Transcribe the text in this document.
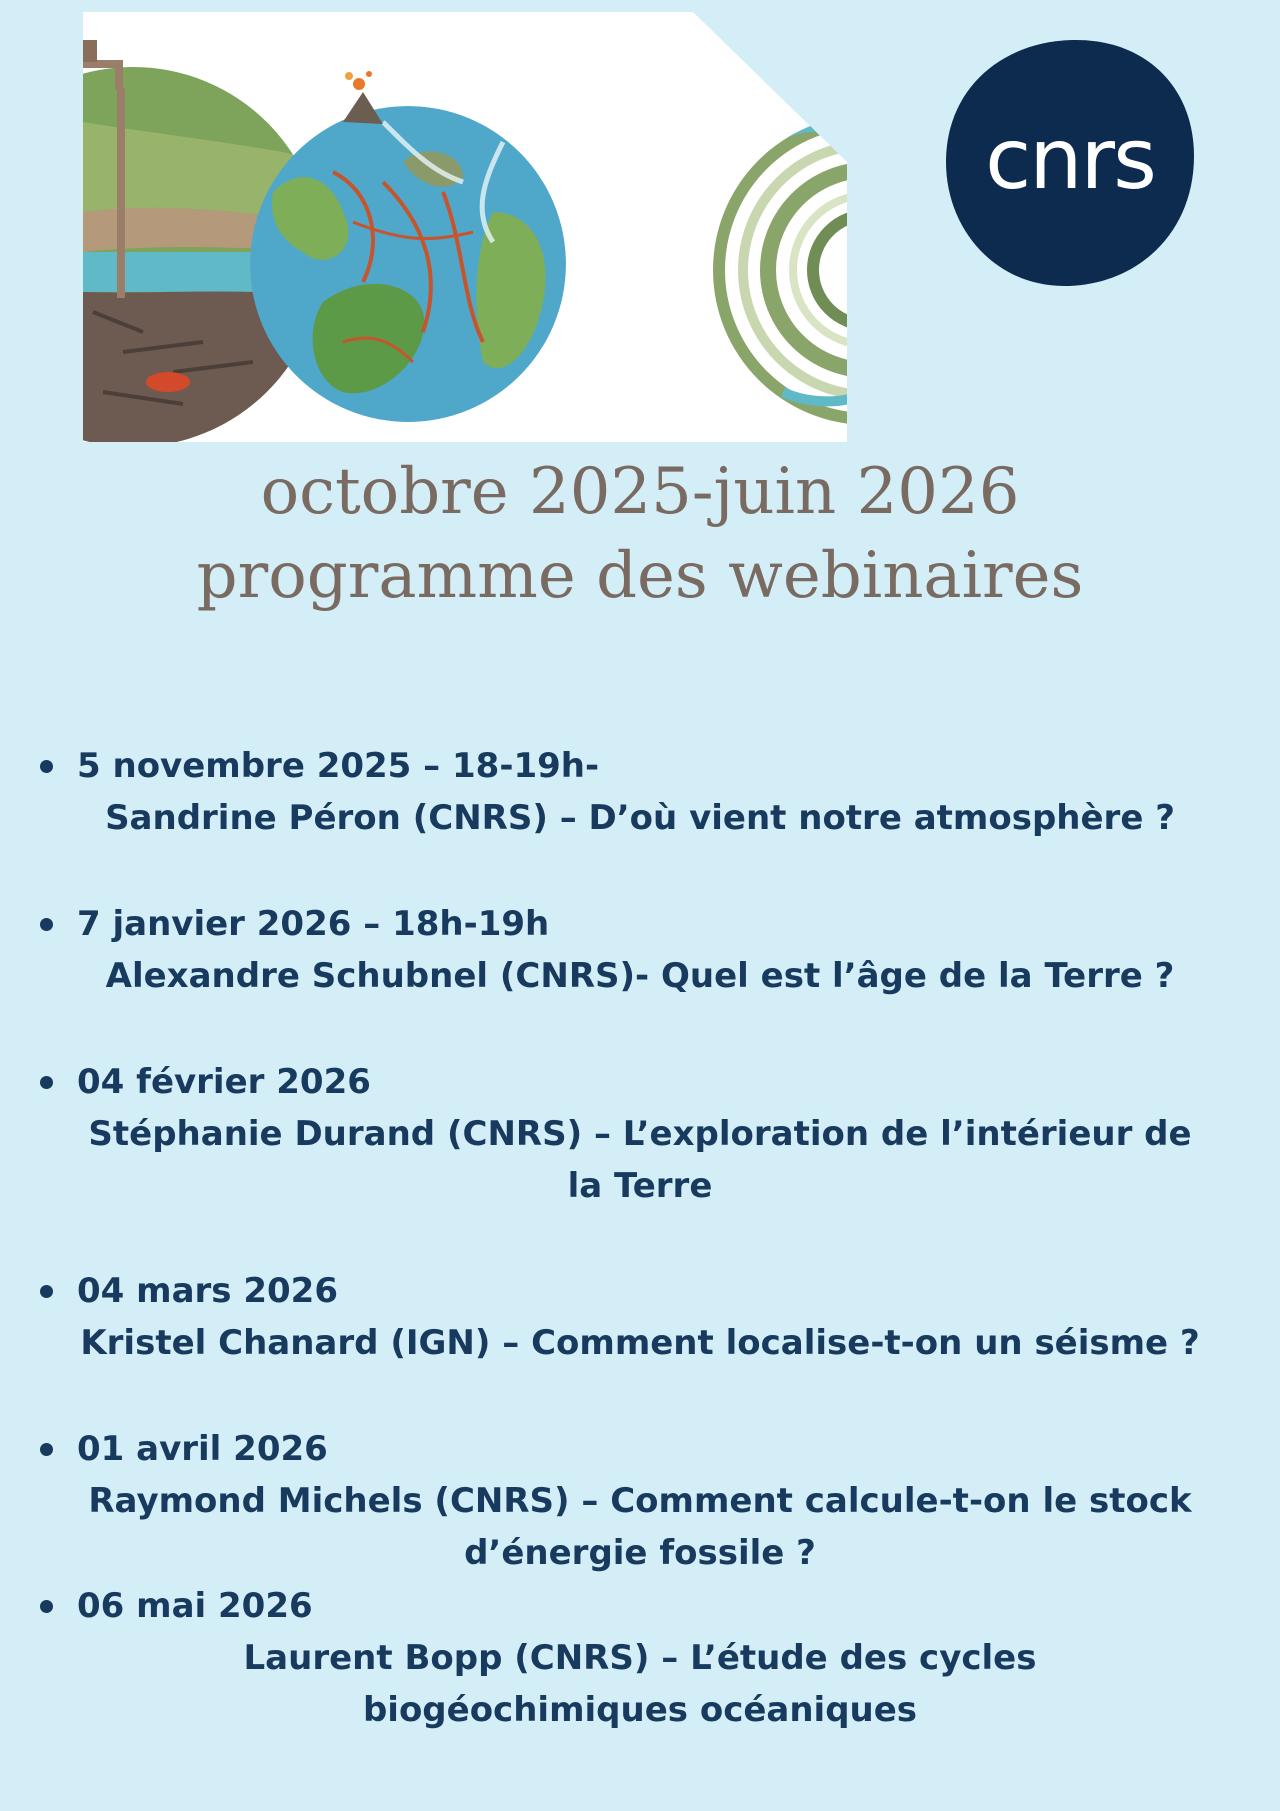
cnrs
octobre 2025-juin 2026
programme des webinaires
5 novembre 2025 – 18-19h-
Sandrine Péron (CNRS) – D’où vient notre atmosphère ?
7 janvier 2026 – 18h-19h
Alexandre Schubnel (CNRS)- Quel est l’âge de la Terre ?
04 février 2026
Stéphanie Durand (CNRS) – L’exploration de l’intérieur de la Terre
04 mars 2026
Kristel Chanard (IGN) – Comment localise-t-on un séisme ?
01 avril 2026
Raymond Michels (CNRS) – Comment calcule-t-on le stock d’énergie fossile ?
06 mai 2026
Laurent Bopp (CNRS) – L’étude des cycles biogéochimiques océaniques
